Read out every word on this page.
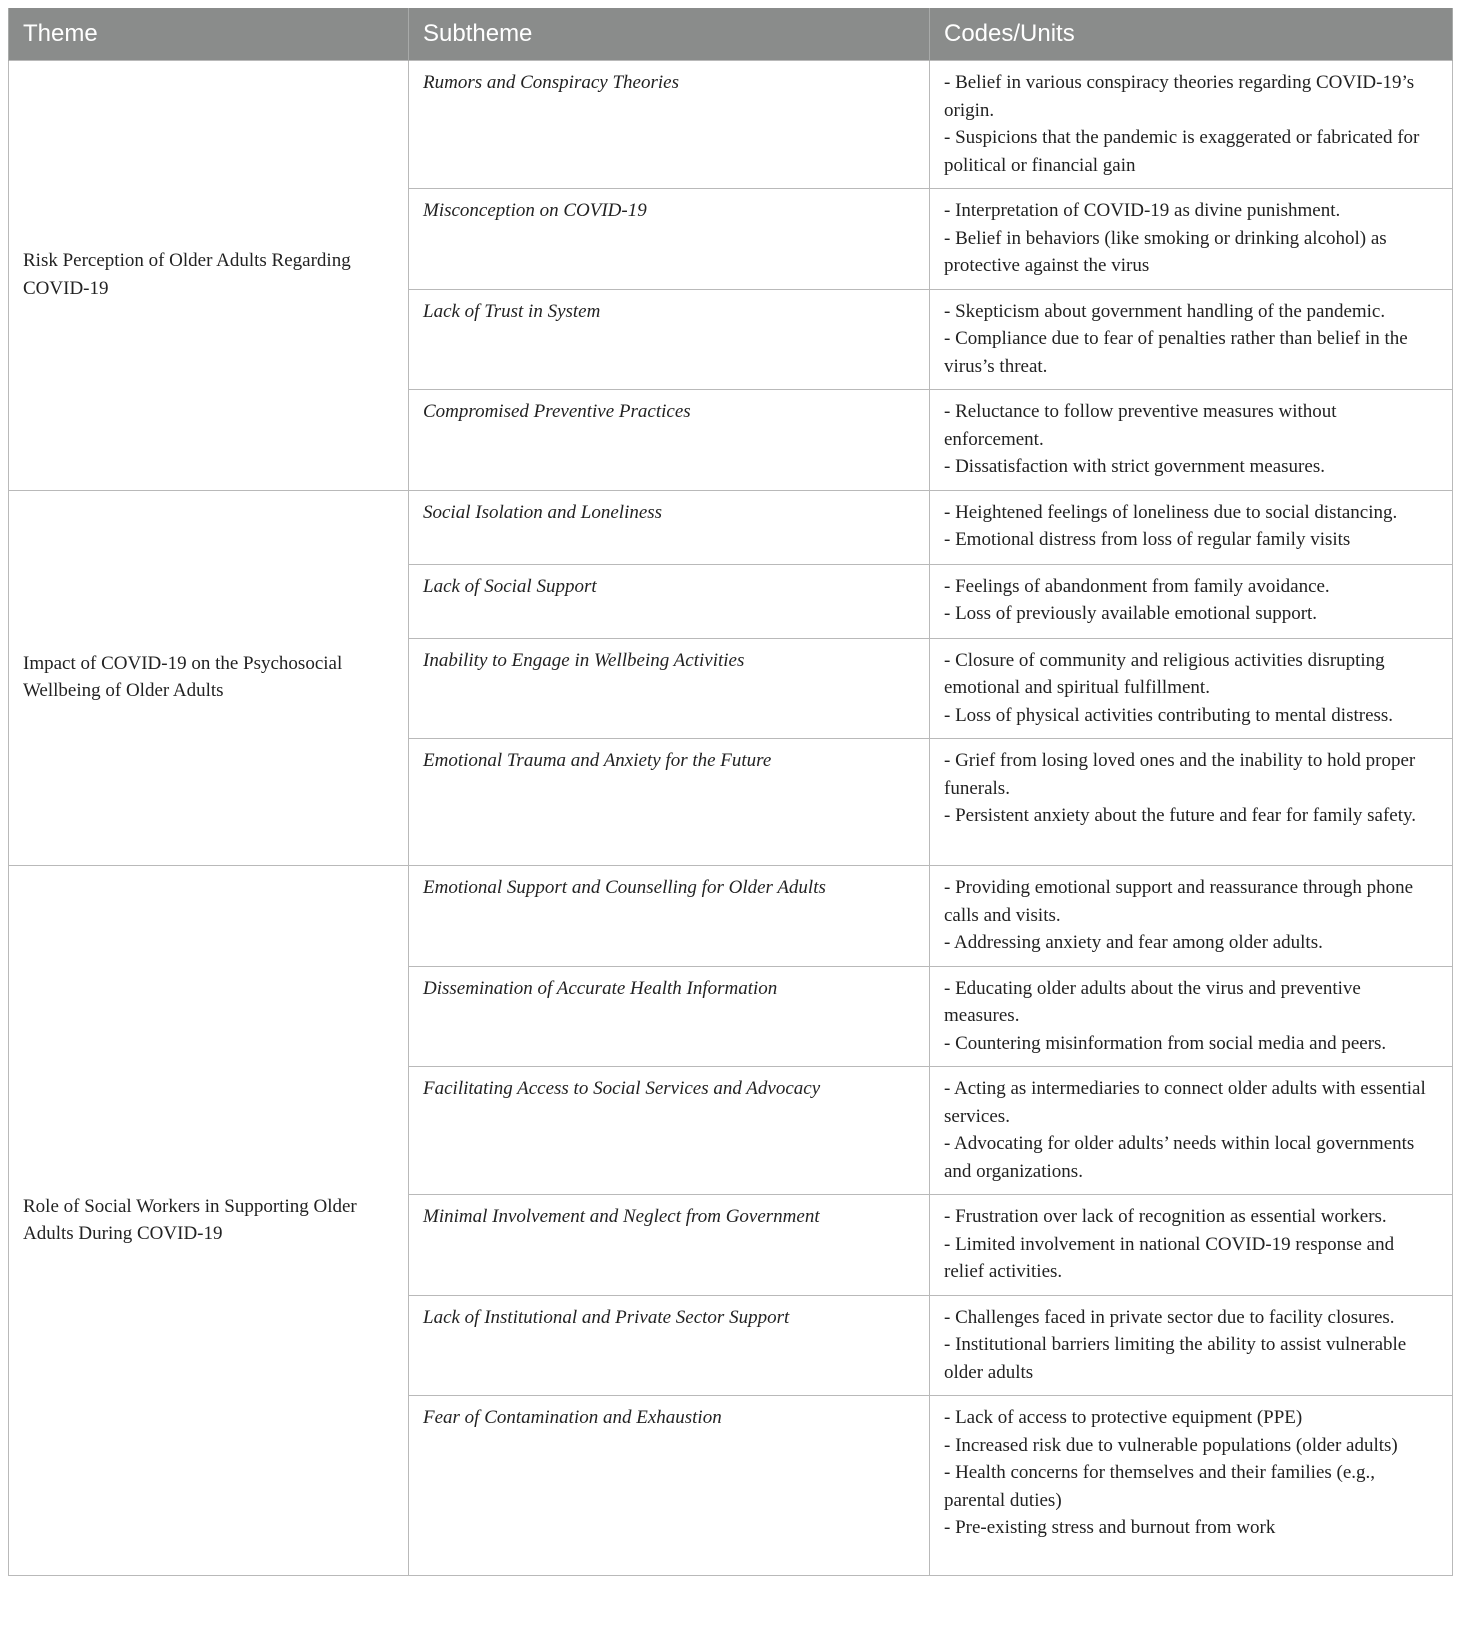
Theme	Subtheme	Codes/Units
Risk Perception of Older Adults Regarding COVID-19	Rumors and Conspiracy Theories	- Belief in various conspiracy theories regarding COVID-19’s origin.
- Suspicions that the pandemic is exaggerated or fabricated for political or financial gain

	Misconception on COVID-19	- Interpretation of COVID-19 as divine punishment.
- Belief in behaviors (like smoking or drinking alcohol) as protective against the virus

	Lack of Trust in System	- Skepticism about government handling of the pandemic.
- Compliance due to fear of penalties rather than belief in the virus’s threat.

	Compromised Preventive Practices	- Reluctance to follow preventive measures without enforcement.
- Dissatisfaction with strict government measures.

Impact of COVID-19 on the Psychosocial Wellbeing of Older Adults	Social Isolation and Loneliness	- Heightened feelings of loneliness due to social distancing.
- Emotional distress from loss of regular family visits

	Lack of Social Support	- Feelings of abandonment from family avoidance.
- Loss of previously available emotional support.

	Inability to Engage in Wellbeing Activities	- Closure of community and religious activities disrupting emotional and spiritual fulfillment.
- Loss of physical activities contributing to mental distress.

	Emotional Trauma and Anxiety for the Future	- Grief from losing loved ones and the inability to hold proper funerals.
- Persistent anxiety about the future and fear for family safety.

Role of Social Workers in Supporting Older Adults During COVID-19	Emotional Support and Counselling for Older Adults	- Providing emotional support and reassurance through phone calls and visits.
- Addressing anxiety and fear among older adults.

	Dissemination of Accurate Health Information	- Educating older adults about the virus and preventive measures.
- Countering misinformation from social media and peers.

	Facilitating Access to Social Services and Advocacy	- Acting as intermediaries to connect older adults with essential services.
- Advocating for older adults’ needs within local governments and organizations.

	Minimal Involvement and Neglect from Government	- Frustration over lack of recognition as essential workers.
- Limited involvement in national COVID-19 response and relief activities.

	Lack of Institutional and Private Sector Support	- Challenges faced in private sector due to facility closures.
- Institutional barriers limiting the ability to assist vulnerable older adults

	Fear of Contamination and Exhaustion	- Lack of access to protective equipment (PPE)
- Increased risk due to vulnerable populations (older adults)
- Health concerns for themselves and their families (e.g., parental duties)
- Pre-existing stress and burnout from work
